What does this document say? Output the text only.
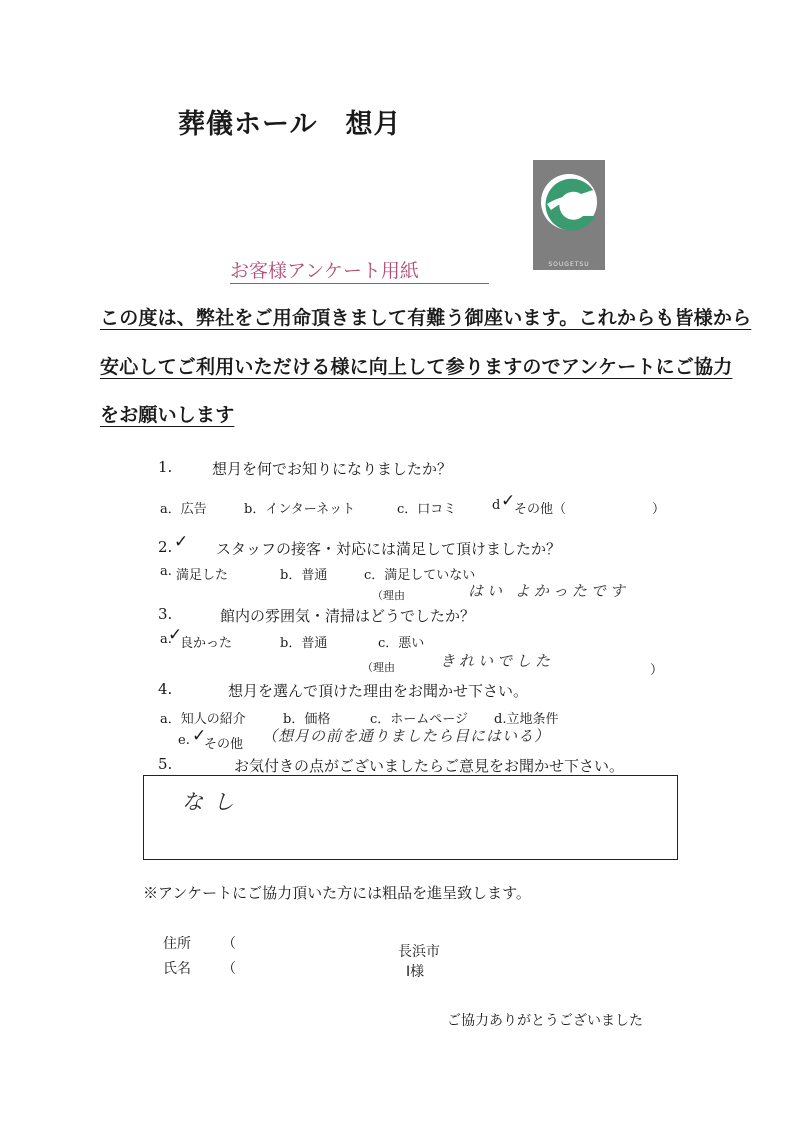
葬儀ホール　想月
SOUGETSU
お客様アンケート用紙
この度は、弊社をご用命頂きまして有難う御座います。これからも皆様から
安心してご利用いただける様に向上して参りますのでアンケートにご協力
をお願いします
1.	想月を何でお知りになりましたか？
a．広告	b．インターネット	c．口コミ	d ✓
その他（	）
2. ✓ スタッフの接客・対応には満足して頂けましたか？
a. 満足した	b．普通	c．満足していない
（理由	はい よかったです
3.	館内の雰囲気・清掃はどうでしたか？
a.
✓
良かった	b．普通	c．悪い
（理由	きれいでした
）
4.	想月を選んで頂けた理由をお聞かせ下さい。
a．知人の紹介	b．価格	c．ホームページ d.立地条件
e. ✓
その他 （想月の前を通りましたら目にはいる）
5.	お気付きの点がございましたらご意見をお聞かせ下さい。
なし
※アンケートにご協力頂いた方には粗品を進呈致します。
住所 （	長浜市
氏名 （	I様
ご協力ありがとうございました
